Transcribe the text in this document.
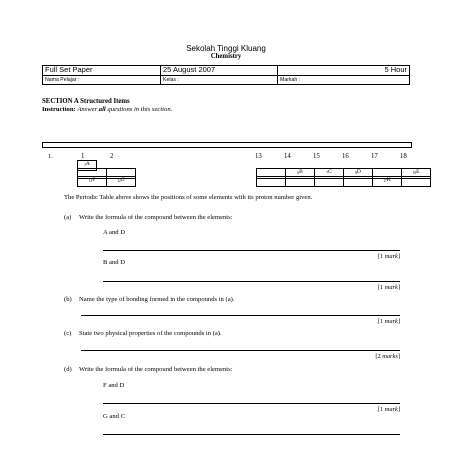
Sekolah Tinggi Kluang
Chemistry
Full Set Paper	25 August 2007	5 Hour
Nama Pelajar :	Kelas :	Markah :
SECTION A Structured Items
Instruction: Answer all questions in this section.
1.	1	2	13	14	15	16	17	18
$_1$A
				$_6$B	$_7$C	$_8$D		$_{10}$E
$_{11}$F	$_{12}$G						$_{17}$H	
The Periodic Table above shows the positions of some elements with its proton number given.
(a) Write the formula of the compound between the elements:
A and D
[1 mark]
B and D
[1 mark]
(b) Name the type of bonding formed in the compounds in (a).
[1 mark]
(c) State two physical properties of the compounds in (a).
[2 marks]
(d) Write the formula of the compound between the elements:
F and D
[1 mark]
G and C
